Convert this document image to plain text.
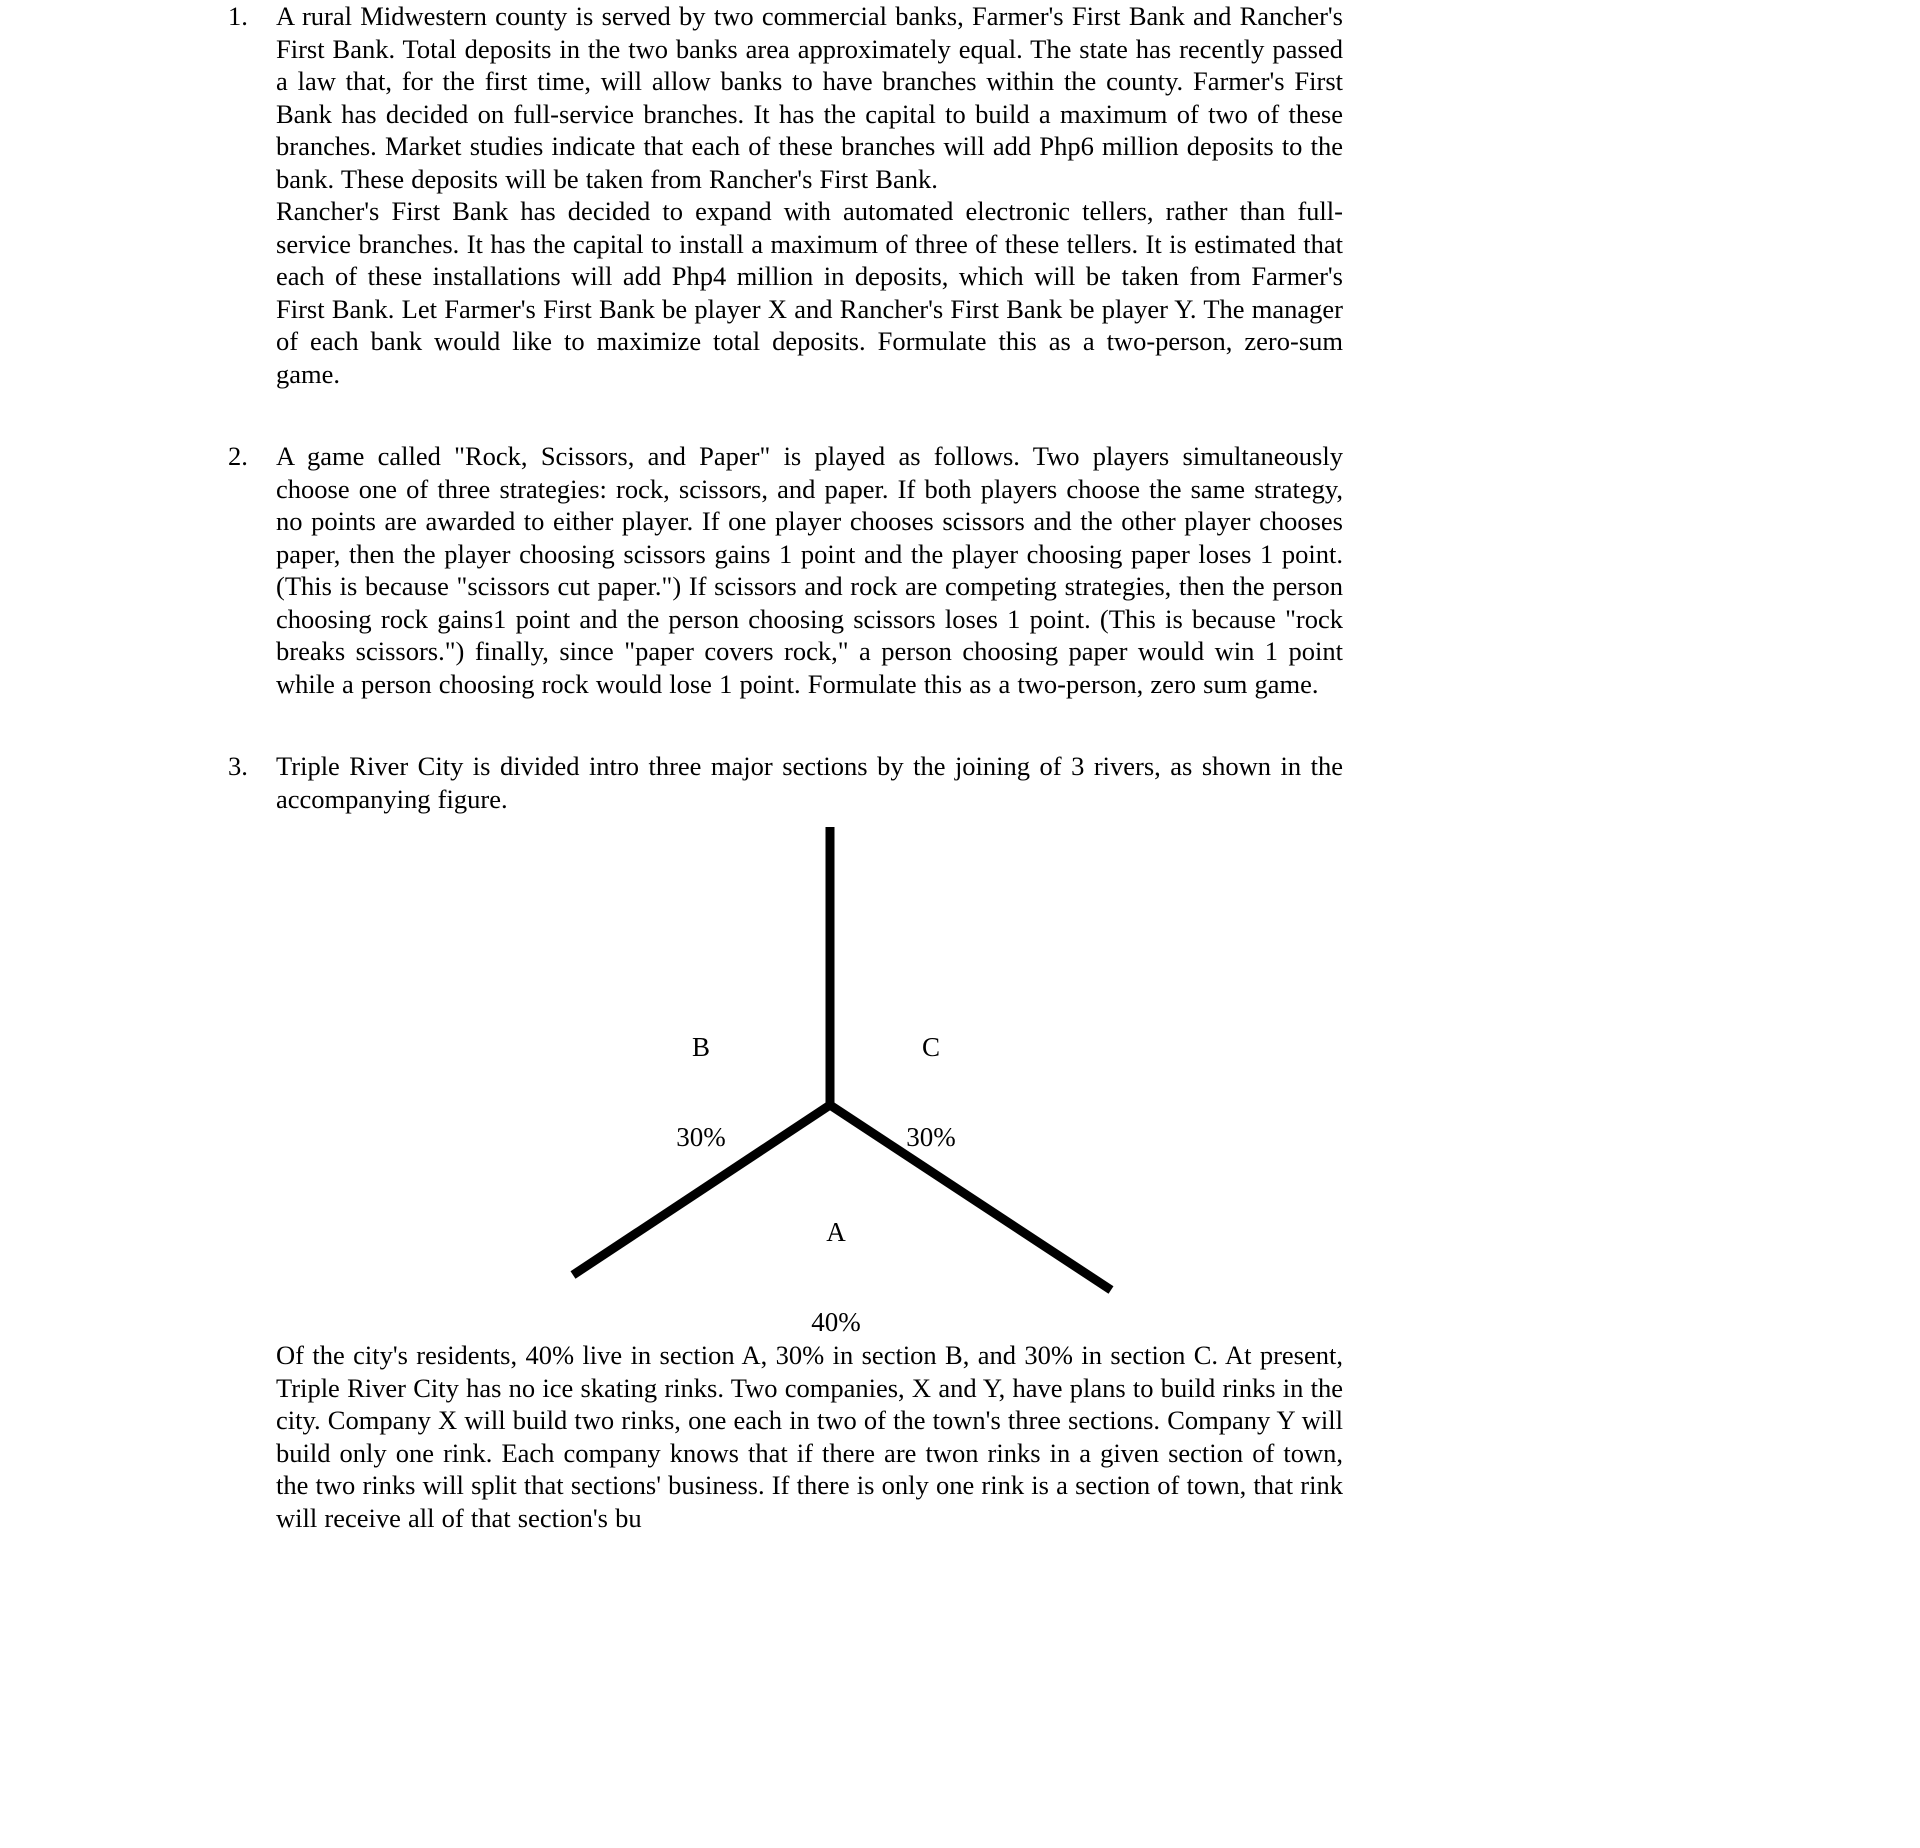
1.	A rural Midwestern county is served by two commercial banks, Farmer's First Bank and Rancher's First Bank. Total deposits in the two banks area approximately equal. The state has recently passed a law that, for the first time, will allow banks to have branches within the county. Farmer's First Bank has decided on full-service branches. It has the capital to build a maximum of two of these branches. Market studies indicate that each of these branches will add Php6 million deposits to the bank. These deposits will be taken from Rancher's First Bank.

Rancher's First Bank has decided to expand with automated electronic tellers, rather than full-service branches. It has the capital to install a maximum of three of these tellers. It is estimated that each of these installations will add Php4 million in deposits, which will be taken from Farmer's First Bank. Let Farmer's First Bank be player X and Rancher's First Bank be player Y. The manager of each bank would like to maximize total deposits. Formulate this as a two-person, zero-sum game.

2.	A game called "Rock, Scissors, and Paper" is played as follows. Two players simultaneously choose one of three strategies: rock, scissors, and paper. If both players choose the same strategy, no points are awarded to either player. If one player chooses scissors and the other player chooses paper, then the player choosing scissors gains 1 point and the player choosing paper loses 1 point. (This is because "scissors cut paper.") If scissors and rock are competing strategies, then the person choosing rock gains1 point and the person choosing scissors loses 1 point. (This is because "rock breaks scissors.") finally, since "paper covers rock," a person choosing paper would win 1 point while a person choosing rock would lose 1 point. Formulate this as a two-person, zero sum game.

3.	Triple River City is divided intro three major sections by the joining of 3 rivers, as shown in the accompanying figure.

B

30%

C

30%

A

40%

Of the city's residents, 40% live in section A, 30% in section B, and 30% in section C. At present, Triple River City has no ice skating rinks. Two companies, X and Y, have plans to build rinks in the city. Company X will build two rinks, one each in two of the town's three sections. Company Y will build only one rink. Each company knows that if there are twon rinks in a given section of town, the two rinks will split that sections' business. If there is only one rink is a section of town, that rink will receive all of that section's bu
